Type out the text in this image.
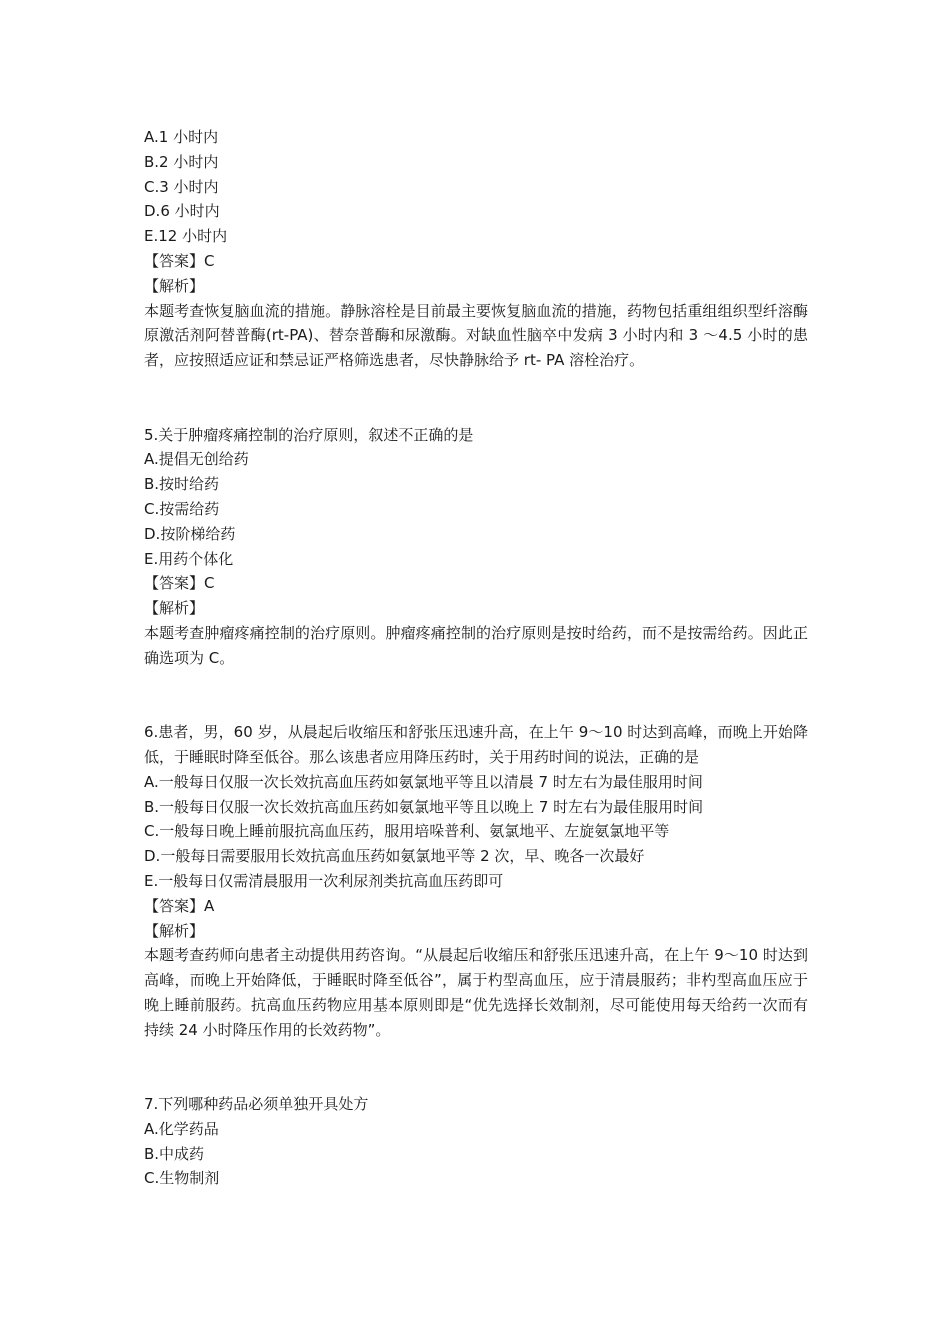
A.1 小时内

B.2 小时内

C.3 小时内

D.6 小时内

E.12 小时内

【答案】C

【解析】

本题考查恢复脑血流的措施。静脉溶栓是目前最主要恢复脑血流的措施，药物包括重组组织型纤溶酶原激活剂阿替普酶(rt-PA)、替奈普酶和尿激酶。对缺血性脑卒中发病 3 小时内和 3 ～4.5 小时的患者，应按照适应证和禁忌证严格筛选患者，尽快静脉给予 rt- PA 溶栓治疗。

5.关于肿瘤疼痛控制的治疗原则，叙述不正确的是

A.提倡无创给药

B.按时给药

C.按需给药

D.按阶梯给药

E.用药个体化

【答案】C

【解析】

本题考查肿瘤疼痛控制的治疗原则。肿瘤疼痛控制的治疗原则是按时给药，而不是按需给药。因此正确选项为 C。

6.患者，男，60 岁，从晨起后收缩压和舒张压迅速升高，在上午 9～10 时达到高峰，而晚上开始降低，于睡眠时降至低谷。那么该患者应用降压药时，关于用药时间的说法，正确的是

A.一般每日仅服一次长效抗高血压药如氨氯地平等且以清晨 7 时左右为最佳服用时间

B.一般每日仅服一次长效抗高血压药如氨氯地平等且以晚上 7 时左右为最佳服用时间

C.一般每日晚上睡前服抗高血压药，服用培哚普利、氨氯地平、左旋氨氯地平等

D.一般每日需要服用长效抗高血压药如氨氯地平等 2 次，早、晚各一次最好

E.一般每日仅需清晨服用一次利尿剂类抗高血压药即可

【答案】A

【解析】

本题考查药师向患者主动提供用药咨询。“从晨起后收缩压和舒张压迅速升高，在上午 9～10 时达到高峰，而晚上开始降低，于睡眠时降至低谷”，属于杓型高血压，应于清晨服药；非杓型高血压应于晚上睡前服药。抗高血压药物应用基本原则即是“优先选择长效制剂，尽可能使用每天给药一次而有持续 24 小时降压作用的长效药物”。

7.下列哪种药品必须单独开具处方

A.化学药品

B.中成药

C.生物制剂
